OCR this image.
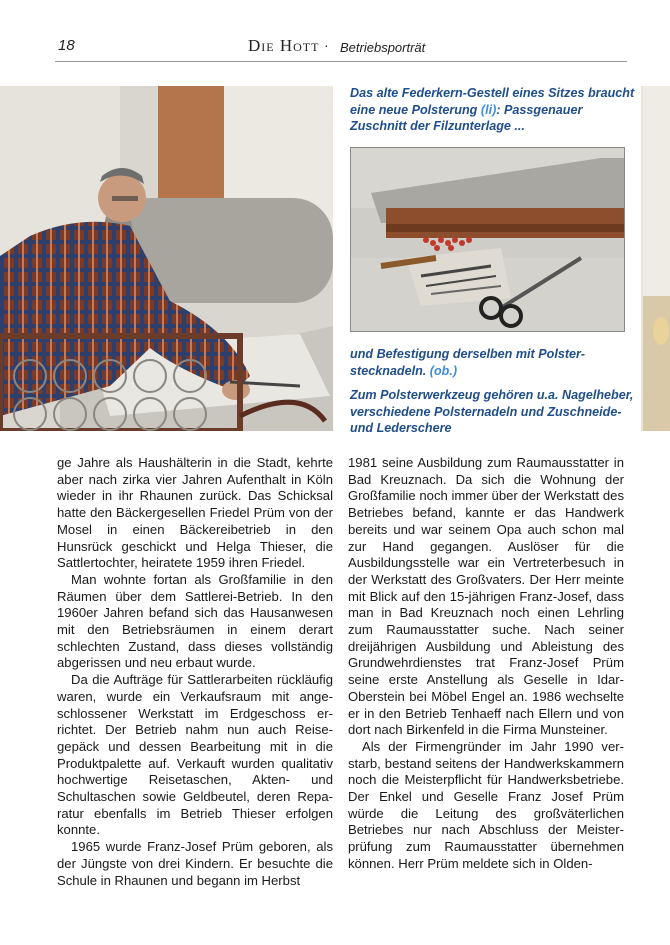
18	Die Hott · Betriebsporträt
Das alte Federkern-Gestell eines Sitzes braucht eine neue Polsterung (li): Passgenauer Zuschnitt der Filzunterlage ...
und Befestigung derselben mit Polsterstecknadeln. (ob.)
Zum Polsterwerkzeug gehören u.a. Nagelheber, verschiedene Polsternadeln und Zuschneide- und Lederschere

ge Jahre als Haushälterin in die Stadt, kehrte aber nach zirka vier Jahren Aufenthalt in Köln wieder in ihr Rhaunen zurück. Das Schicksal hatte den Bäckergesellen Friedel Prüm von der Mosel in einen Bäckereibetrieb in den Hunsrück geschickt und Helga Thieser, die Sattlertochter, heiratete 1959 ihren Friedel.

Man wohnte fortan als Großfamilie in den Räumen über dem Sattlerei-Betrieb. In den 1960er Jahren befand sich das Hausanwesen mit den Betriebsräumen in einem derart schlechten Zustand, dass dieses vollständig abgerissen und neu erbaut wurde.

Da die Aufträge für Sattlerarbeiten rückläufig waren, wurde ein Verkaufsraum mit angeschlossener Werkstatt im Erdgeschoss errichtet. Der Betrieb nahm nun auch Reisegepäck und dessen Bearbeitung mit in die Produktpalette auf. Verkauft wurden qualitativ hochwertige Reisetaschen, Akten- und Schultaschen sowie Geldbeutel, deren Reparatur ebenfalls im Betrieb Thieser erfolgen konnte.

1965 wurde Franz-Josef Prüm geboren, als der Jüngste von drei Kindern. Er besuchte die Schule in Rhaunen und begann im Herbst

1981 seine Ausbildung zum Raumausstatter in Bad Kreuznach. Da sich die Wohnung der Großfamilie noch immer über der Werkstatt des Betriebes befand, kannte er das Handwerk bereits und war seinem Opa auch schon mal zur Hand gegangen. Auslöser für die Ausbildungsstelle war ein Vertreterbesuch in der Werkstatt des Großvaters. Der Herr meinte mit Blick auf den 15-jährigen Franz-Josef, dass man in Bad Kreuznach noch einen Lehrling zum Raumausstatter suche. Nach seiner dreijährigen Ausbildung und Ableistung des Grundwehrdienstes trat Franz-Josef Prüm seine erste Anstellung als Geselle in Idar-Oberstein bei Möbel Engel an. 1986 wechselte er in den Betrieb Tenhaeff nach Ellern und von dort nach Birkenfeld in die Firma Munsteiner.

Als der Firmengründer im Jahr 1990 verstarb, bestand seitens der Handwerkskammern noch die Meisterpflicht für Handwerksbetriebe. Der Enkel und Geselle Franz Josef Prüm würde die Leitung des großväterlichen Betriebes nur nach Abschluss der Meisterprüfung zum Raumausstatter übernehmen können. Herr Prüm meldete sich in Olden-
